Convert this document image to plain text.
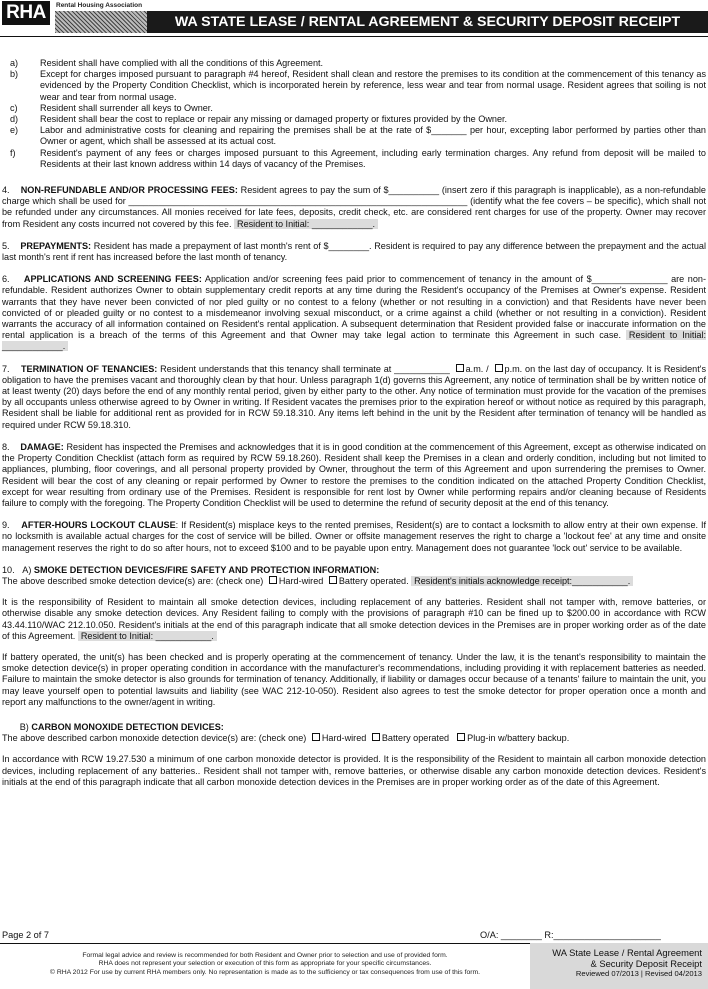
RHA	Rental Housing Association
WA STATE LEASE / RENTAL AGREEMENT & SECURITY DEPOSIT RECEIPT
a) Resident shall have complied with all the conditions of this Agreement.

b) Except for charges imposed pursuant to paragraph #4 hereof, Resident shall clean and restore the premises to its condition at the commencement of this tenancy as evidenced by the Property Condition Checklist, which is incorporated herein by reference, less wear and tear from normal usage. Resident agrees that soiling is not wear and tear from normal usage.

c) Resident shall surrender all keys to Owner.

d) Resident shall bear the cost to replace or repair any missing or damaged property or fixtures provided by the Owner.

e) Labor and administrative costs for cleaning and repairing the premises shall be at the rate of $_______ per hour, excepting labor performed by parties other than Owner or agent, which shall be assessed at its actual cost.

f)	Resident's payment of any fees or charges imposed pursuant to this Agreement, including early termination charges. Any refund from deposit will be mailed to Residents at their last known address within 14 days of vacancy of the Premises.

4. NON-REFUNDABLE AND/OR PROCESSING FEES: Resident agrees to pay the sum of $__________ (insert zero if this paragraph is inapplicable), as a non-refundable charge which shall be used for ___________________________________________________________________ (identify what the fee covers – be specific), which shall not be refunded under any circumstances. All monies received for late fees, deposits, credit check, etc. are considered rent charges for use of the property. Owner may recover from Resident any costs incurred not covered by this fee. Resident to Initial: ____________.

5. PREPAYMENTS: Resident has made a prepayment of last month's rent of $________. Resident is required to pay any difference between the prepayment and the actual last month's rent if rent has increased before the last month of tenancy.

6. APPLICATIONS AND SCREENING FEES: Application and/or screening fees paid prior to commencement of tenancy in the amount of $_______________ are non-refundable. Resident authorizes Owner to obtain supplementary credit reports at any time during the Resident's occupancy of the Premises at Owner's expense. Resident warrants that they have never been convicted of nor pled guilty or no contest to a felony (whether or not resulting in a conviction) and that Residents have never been convicted of or pleaded guilty or no contest to a misdemeanor involving sexual misconduct, or a crime against a child (whether or not resulting in a conviction). Resident warrants the accuracy of all information contained on Resident's rental application. A subsequent determination that Resident provided false or inaccurate information on the rental application is a breach of the terms of this Agreement and that Owner may take legal action to terminate this Agreement in such case. Resident to Initial: ____________.

7. TERMINATION OF TENANCIES: Resident understands that this tenancy shall terminate at ___________ a.m. / p.m. on the last day of occupancy. It is Resident's obligation to have the premises vacant and thoroughly clean by that hour. Unless paragraph 1(d) governs this Agreement, any notice of termination shall be by written notice of at least twenty (20) days before the end of any monthly rental period, given by either party to the other. Any notice of termination must provide for the vacation of the premises by all occupants unless otherwise agreed to by Owner in writing. If Resident vacates the premises prior to the expiration hereof or without notice as required by this paragraph, Resident shall be liable for additional rent as provided for in RCW 59.18.310. Any items left behind in the unit by the Resident after termination of tenancy will be handled as required under RCW 59.18.310.

8. DAMAGE: Resident has inspected the Premises and acknowledges that it is in good condition at the commencement of this Agreement, except as otherwise indicated on the Property Condition Checklist (attach form as required by RCW 59.18.260). Resident shall keep the Premises in a clean and orderly condition, including but not limited to appliances, plumbing, floor coverings, and all personal property provided by Owner, throughout the term of this Agreement and upon surrendering the premises to Owner. Resident will bear the cost of any cleaning or repair performed by Owner to restore the premises to the condition indicated on the attached Property Condition Checklist, except for wear resulting from ordinary use of the Premises. Resident is responsible for rent lost by Owner while performing repairs and/or cleaning because of Residents failure to comply with the foregoing. The Property Condition Checklist will be used to determine the refund of security deposit at the end of this tenancy.

9. AFTER-HOURS LOCKOUT CLAUSE: If Resident(s) misplace keys to the rented premises, Resident(s) are to contact a locksmith to allow entry at their own expense. If no locksmith is available actual charges for the cost of service will be billed. Owner or offsite management reserves the right to charge a 'lockout fee' at any time and onsite management reserves the right to do so after hours, not to exceed $100 and to be payable upon entry. Management does not guarantee 'lock out' service to be available.

10. A) SMOKE DETECTION DEVICES/FIRE SAFETY AND PROTECTION INFORMATION:

The above described smoke detection device(s) are: (check one) Hard-wired Battery operated. Resident's initials acknowledge receipt:___________.

It is the responsibility of Resident to maintain all smoke detection devices, including replacement of any batteries. Resident shall not tamper with, remove batteries, or otherwise disable any smoke detection devices. Any Resident failing to comply with the provisions of paragraph #10 can be fined up to $200.00 in accordance with RCW 43.44.110/WAC 212.10.050. Resident's initials at the end of this paragraph indicate that all smoke detection devices in the Premises are in proper working order as of the date of this Agreement. Resident to Initial: ___________.

If battery operated, the unit(s) has been checked and is properly operating at the commencement of tenancy. Under the law, it is the tenant's responsibility to maintain the smoke detection device(s) in proper operating condition in accordance with the manufacturer's recommendations, including providing it with replacement batteries as needed. Failure to maintain the smoke detector is also grounds for termination of tenancy. Additionally, if liability or damages occur because of a tenants' failure to maintain the unit, you may leave yourself open to potential lawsuits and liability (see WAC 212-10-050). Resident also agrees to test the smoke detector for proper operation once a month and report any malfunctions to the owner/agent in writing.

B) CARBON MONOXIDE DETECTION DEVICES:

The above described carbon monoxide detection device(s) are: (check one) Hard-wired Battery operated  Plug-in w/battery backup.

In accordance with RCW 19.27.530 a minimum of one carbon monoxide detector is provided. It is the responsibility of the Resident to maintain all carbon monoxide detection devices, including replacement of any batteries.. Resident shall not tamper with, remove batteries, or otherwise disable any carbon monoxide detection devices. Resident's initials at the end of this paragraph indicate that all carbon monoxide detection devices in the Premises are in proper working order as of the date of this Agreement.

Page 2 of 7	O/A: ________ R:_____________________
Formal legal advice and review is recommended for both Resident and Owner prior to selection and use of provided form.
RHA does not represent your selection or execution of this form as appropriate for your specific circumstances.
© RHA 2012 For use by current RHA members only. No representation is made as to the sufficiency or tax consequences from use of this form.
WA State Lease / Rental Agreement
& Security Deposit Receipt
Reviewed 07/2013 | Revised 04/2013
